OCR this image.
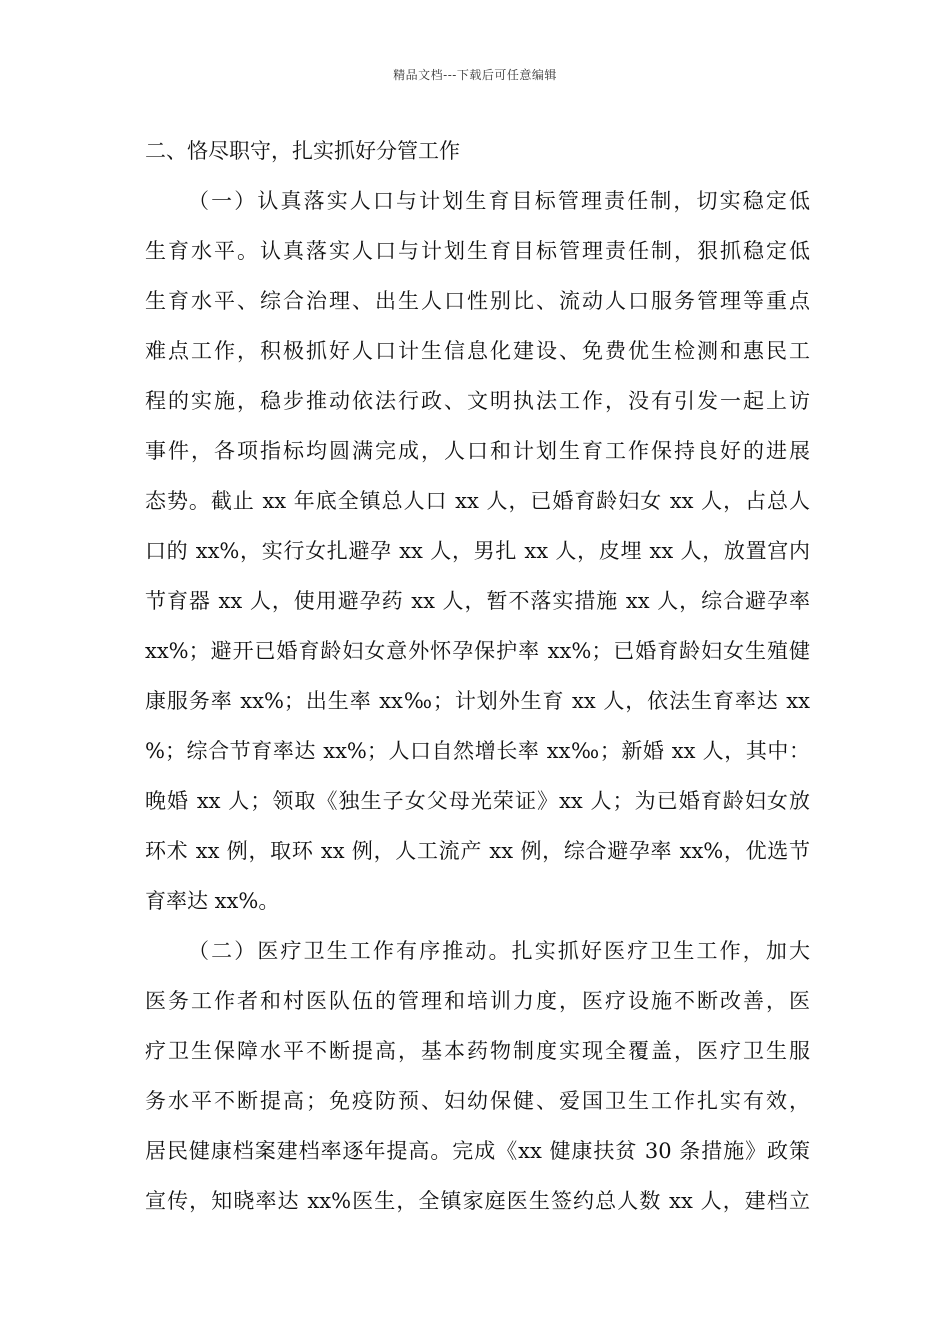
精品文档---下载后可任意编辑
二、恪尽职守，扎实抓好分管工作
（一）认真落实人口与计划生育目标管理责任制，切实稳定低
生育水平。认真落实人口与计划生育目标管理责任制，狠抓稳定低
生育水平、综合治理、出生人口性别比、流动人口服务管理等重点
难点工作，积极抓好人口计生信息化建设、免费优生检测和惠民工
程的实施，稳步推动依法行政、文明执法工作，没有引发一起上访
事件，各项指标均圆满完成，人口和计划生育工作保持良好的进展
态势。截止 xx 年底全镇总人口 xx 人，已婚育龄妇女 xx 人，占总人
口的 xx%，实行女扎避孕 xx 人，男扎 xx 人，皮埋 xx 人，放置宫内
节育器 xx 人，使用避孕药 xx 人，暂不落实措施 xx 人，综合避孕率
xx%；避开已婚育龄妇女意外怀孕保护率 xx%；已婚育龄妇女生殖健
康服务率 xx%；出生率 xx‰；计划外生育 xx 人，依法生育率达 xx
%；综合节育率达 xx%；人口自然增长率 xx‰；新婚 xx 人，其中：
晚婚 xx 人；领取《独生子女父母光荣证》xx 人；为已婚育龄妇女放
环术 xx 例，取环 xx 例，人工流产 xx 例，综合避孕率 xx%，优选节
育率达 xx%。
（二）医疗卫生工作有序推动。扎实抓好医疗卫生工作，加大
医务工作者和村医队伍的管理和培训力度，医疗设施不断改善，医
疗卫生保障水平不断提高，基本药物制度实现全覆盖，医疗卫生服
务水平不断提高；免疫防预、妇幼保健、爱国卫生工作扎实有效，
居民健康档案建档率逐年提高。完成《xx 健康扶贫 30 条措施》政策
宣传，知晓率达 xx%医生，全镇家庭医生签约总人数 xx 人，建档立
